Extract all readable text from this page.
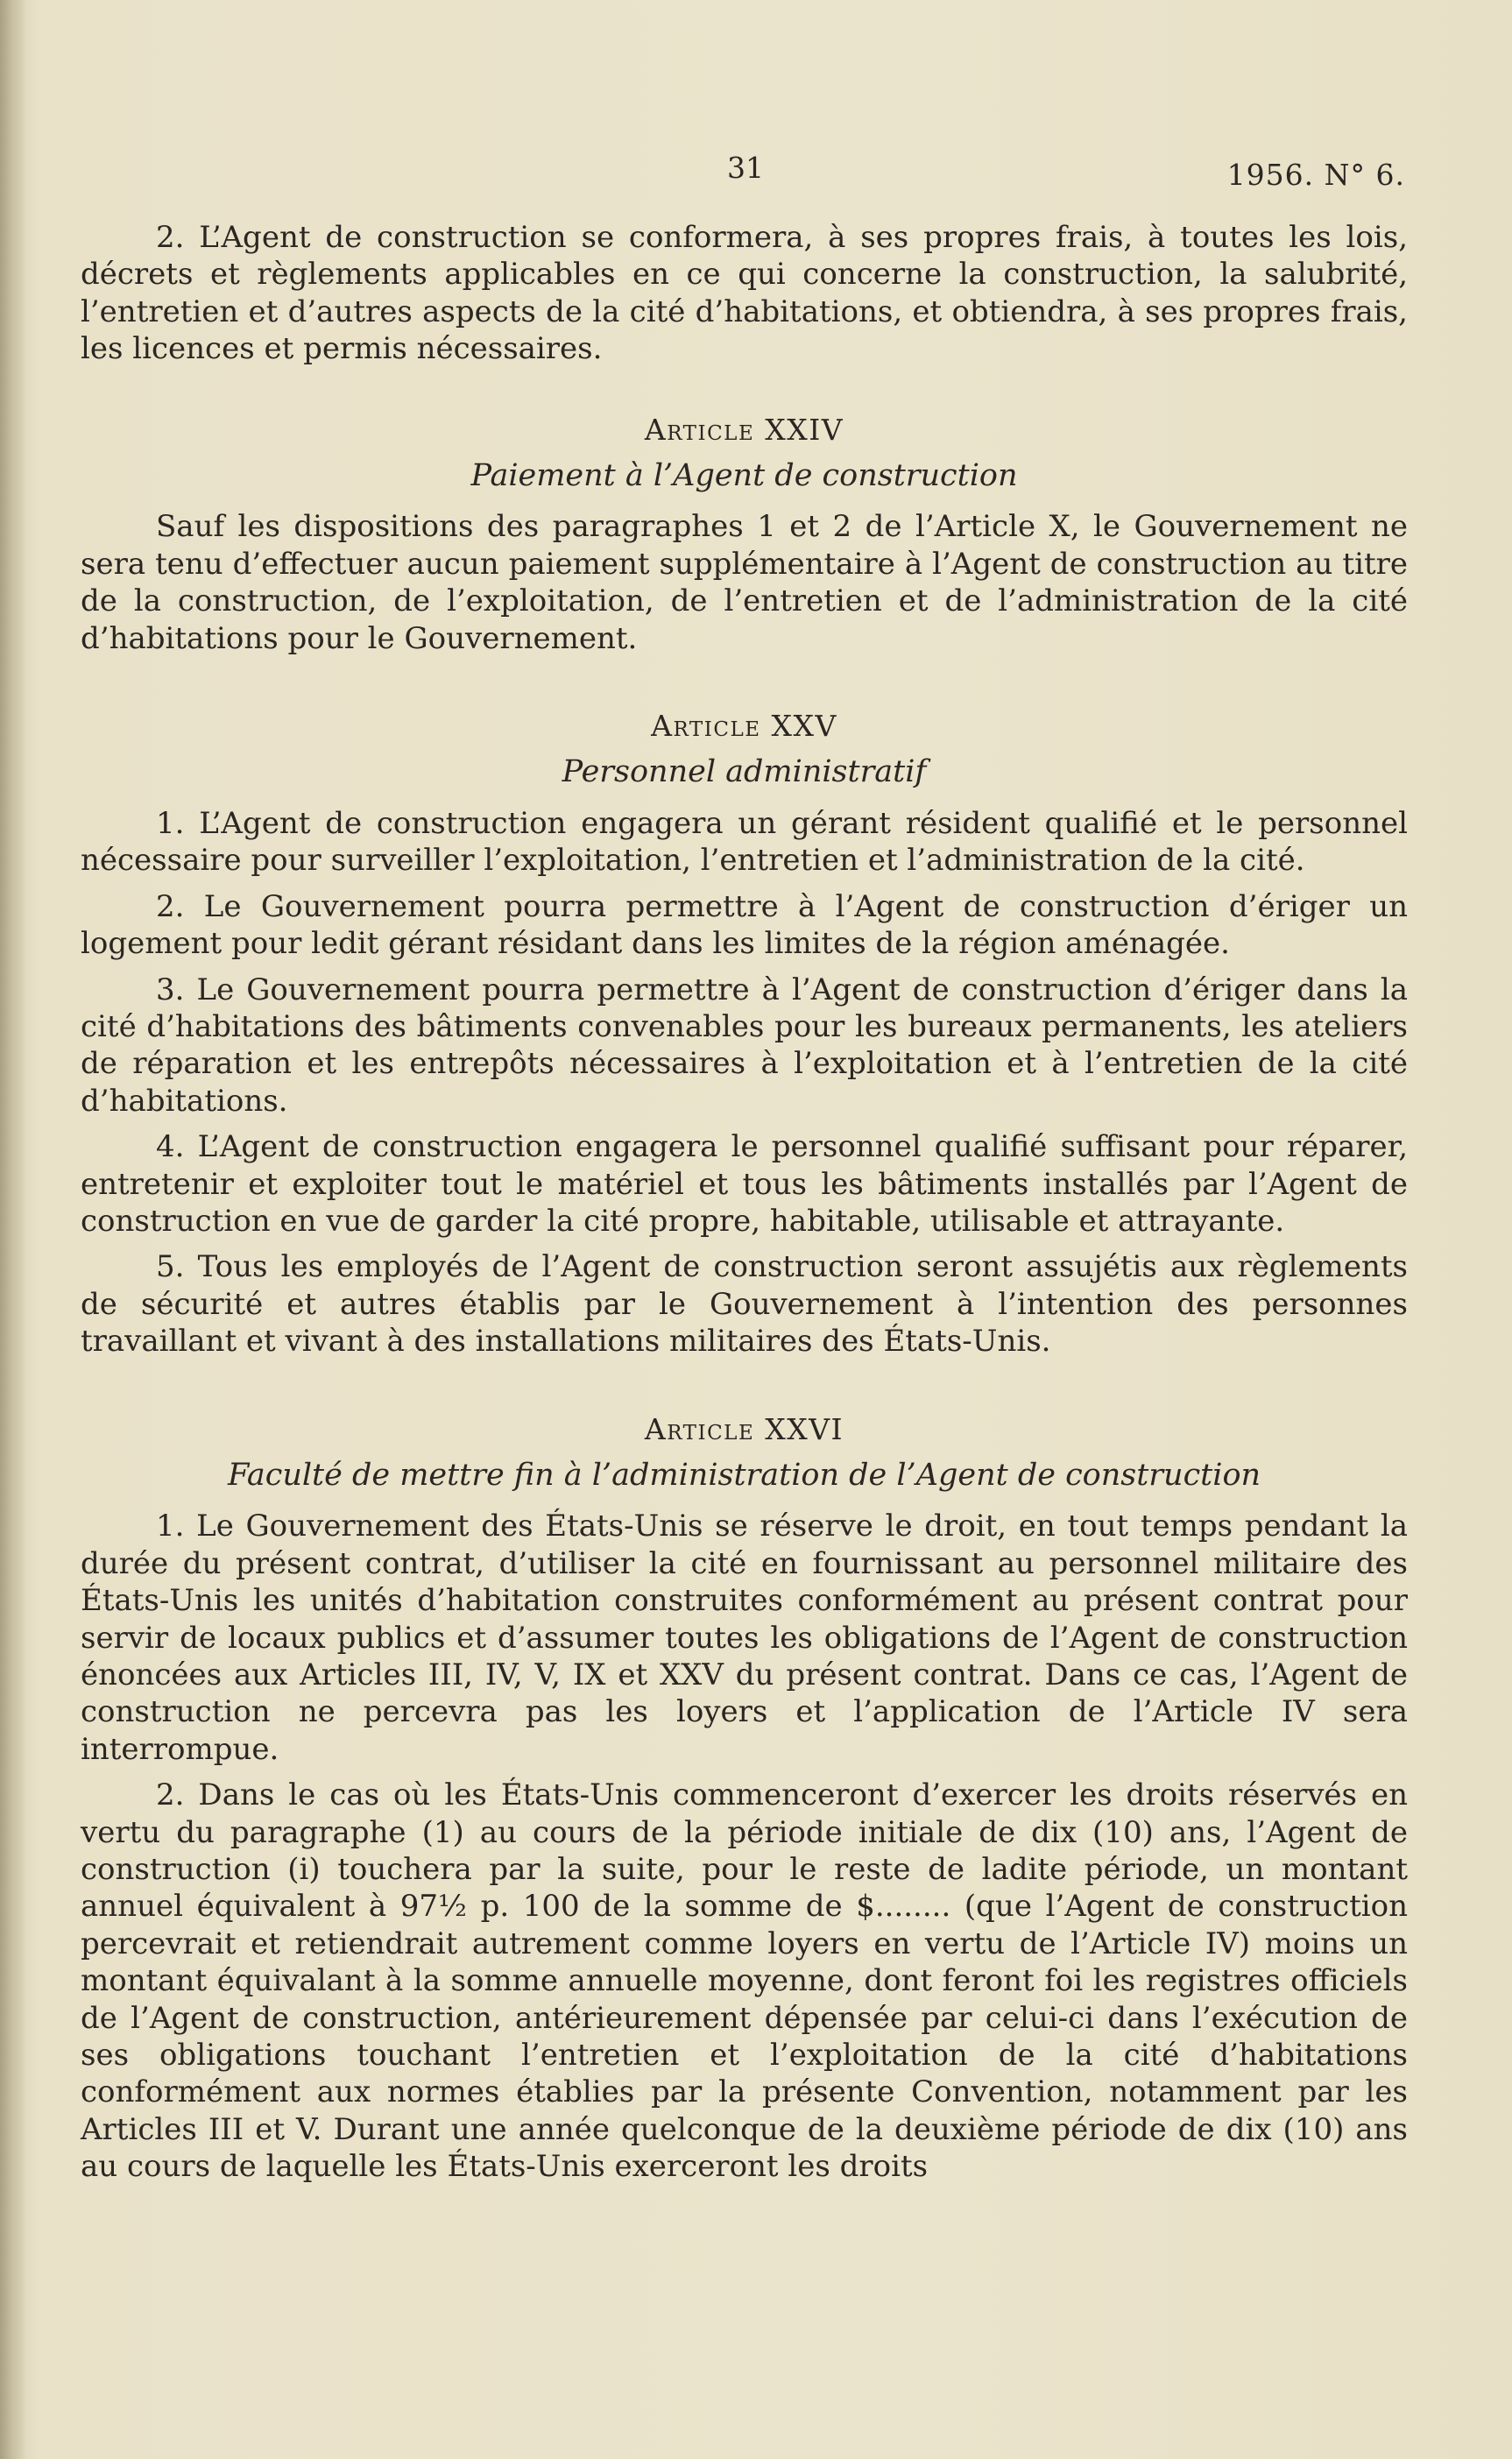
31	1956. N° 6.

2. L’Agent de construction se conformera, à ses propres frais, à toutes les lois, décrets et règlements applicables en ce qui concerne la construction, la salubrité, l’entretien et d’autres aspects de la cité d’habitations, et obtiendra, à ses propres frais, les licences et permis nécessaires.

Article XXIV
Paiement à l’Agent de construction

Sauf les dispositions des paragraphes 1 et 2 de l’Article X, le Gouvernement ne sera tenu d’effectuer aucun paiement supplémentaire à l’Agent de construction au titre de la construction, de l’exploitation, de l’entretien et de l’administration de la cité d’habitations pour le Gouvernement.

Article XXV
Personnel administratif

1. L’Agent de construction engagera un gérant résident qualifié et le personnel nécessaire pour surveiller l’exploitation, l’entretien et l’administration de la cité.

2. Le Gouvernement pourra permettre à l’Agent de construction d’ériger un logement pour ledit gérant résidant dans les limites de la région aménagée.

3. Le Gouvernement pourra permettre à l’Agent de construction d’ériger dans la cité d’habitations des bâtiments convenables pour les bureaux permanents, les ateliers de réparation et les entrepôts nécessaires à l’exploitation et à l’entretien de la cité d’habitations.

4. L’Agent de construction engagera le personnel qualifié suffisant pour réparer, entretenir et exploiter tout le matériel et tous les bâtiments installés par l’Agent de construction en vue de garder la cité propre, habitable, utilisable et attrayante.

5. Tous les employés de l’Agent de construction seront assujétis aux règlements de sécurité et autres établis par le Gouvernement à l’intention des personnes travaillant et vivant à des installations militaires des États-Unis.

Article XXVI
Faculté de mettre fin à l’administration de l’Agent de construction

1. Le Gouvernement des États-Unis se réserve le droit, en tout temps pendant la durée du présent contrat, d’utiliser la cité en fournissant au personnel militaire des États-Unis les unités d’habitation construites conformément au présent contrat pour servir de locaux publics et d’assumer toutes les obligations de l’Agent de construction énoncées aux Articles III, IV, V, IX et XXV du présent contrat. Dans ce cas, l’Agent de construction ne percevra pas les loyers et l’application de l’Article IV sera interrompue.

2. Dans le cas où les États-Unis commenceront d’exercer les droits réservés en vertu du paragraphe (1) au cours de la période initiale de dix (10) ans, l’Agent de construction (i) touchera par la suite, pour le reste de ladite période, un montant annuel équivalent à 97½ p. 100 de la somme de $........ (que l’Agent de construction percevrait et retiendrait autrement comme loyers en vertu de l’Article IV) moins un montant équivalant à la somme annuelle moyenne, dont feront foi les registres officiels de l’Agent de construction, antérieurement dépensée par celui-ci dans l’exécution de ses obligations touchant l’entretien et l’exploitation de la cité d’habitations conformément aux normes établies par la présente Convention, notamment par les Articles III et V. Durant une année quelconque de la deuxième période de dix (10) ans au cours de laquelle les États-Unis exerceront les droits
